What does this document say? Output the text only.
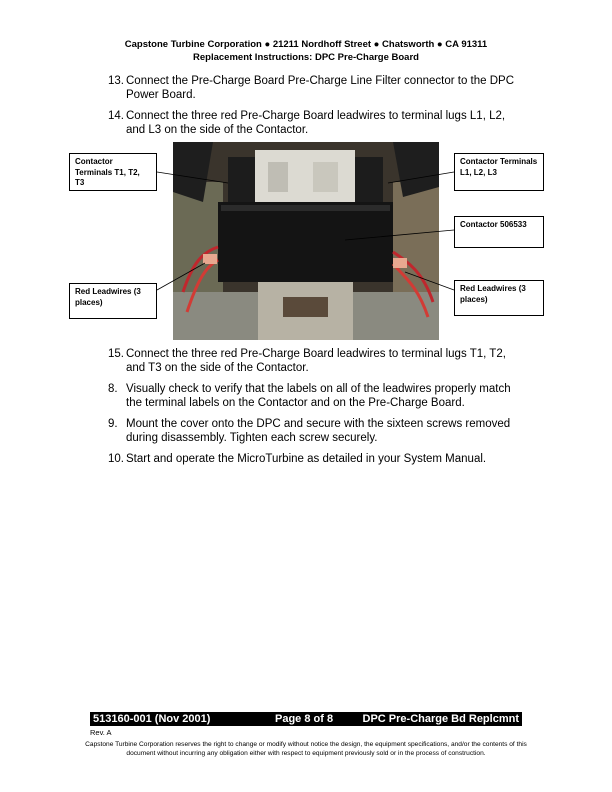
Capstone Turbine Corporation ● 21211 Nordhoff Street ● Chatsworth ● CA 91311
Replacement Instructions: DPC Pre-Charge Board
13. Connect the Pre-Charge Board Pre-Charge Line Filter connector to the DPC Power Board.
14. Connect the three red Pre-Charge Board leadwires to terminal lugs L1, L2, and L3 on the side of the Contactor.
Contactor Terminals T1, T2, T3
Contactor Terminals L1, L2, L3
Contactor 506533
Red Leadwires (3 places)
Red Leadwires (3 places)
15. Connect the three red Pre-Charge Board leadwires to terminal lugs T1, T2, and T3 on the side of the Contactor.
8. Visually check to verify that the labels on all of the leadwires properly match the terminal labels on the Contactor and on the Pre-Charge Board.
9. Mount the cover onto the DPC and secure with the sixteen screws removed during disassembly. Tighten each screw securely.
10. Start and operate the MicroTurbine as detailed in your System Manual.
513160-001 (Nov 2001)	Page 8 of 8	DPC Pre-Charge Bd Replcmnt
Rev. A
Capstone Turbine Corporation reserves the right to change or modify without notice the design, the equipment specifications, and/or the contents of this document without incurring any obligation either with respect to equipment previously sold or in the process of construction.
